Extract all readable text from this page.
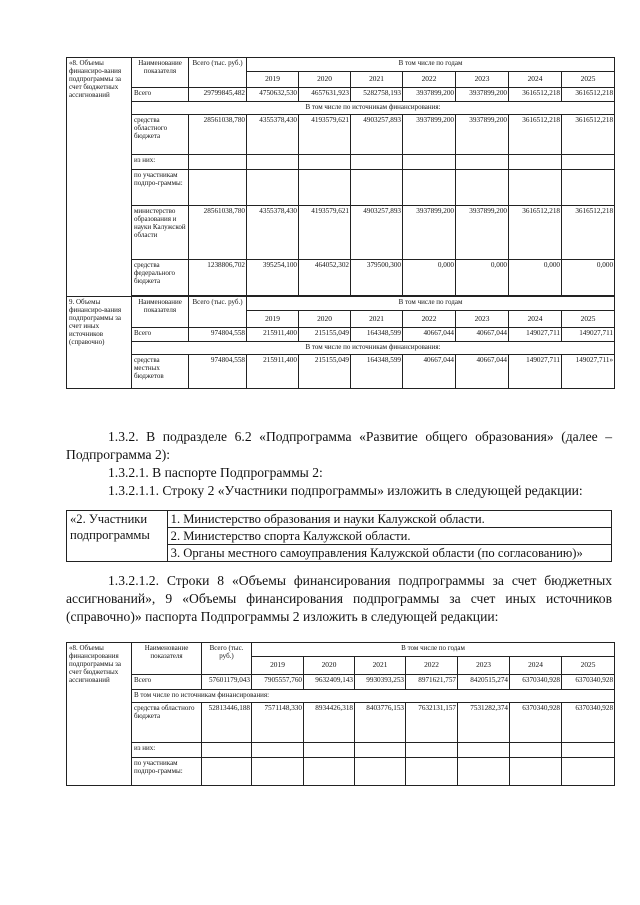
«8. Объемы финансиро-вания подпрограммы за счет бюджетных ассигнований	Наименование показателя	Всего (тыс. руб.)	В том числе по годам						
			2019	2020	2021	2022	2023	2024	2025
	Всего	29799845,482	4750632,530	4657631,923	5282758,193	3937899,200	3937899,200	3616512,218	3616512,218
	В том числе по источникам финансирования:								
	средства областного бюджета	28561038,780	4355378,430	4193579,621	4903257,893	3937899,200	3937899,200	3616512,218	3616512,218
	из них:								
	по участникам подпро-граммы:								
	министерство образования и науки Калужской области	28561038,780	4355378,430	4193579,621	4903257,893	3937899,200	3937899,200	3616512,218	3616512,218
	средства федерального бюджета	1238806,702	395254,100	464052,302	379500,300	0,000	0,000	0,000	0,000

9. Объемы финансиро-вания подпрограммы за счет иных источников (справочно)	Наименование показателя	Всего (тыс. руб.)	В том числе по годам						
			2019	2020	2021	2022	2023	2024	2025
	Всего	974804,558	215911,400	215155,049	164348,599	40667,044	40667,044	149027,711	149027,711
	В том числе по источникам финансирования:								
	средства местных бюджетов	974804,558	215911,400	215155,049	164348,599	40667,044	40667,044	149027,711	149027,711»
1.3.2. В подразделе 6.2 «Подпрограмма «Развитие общего образования» (далее – Подпрограмма 2):
1.3.2.1. В паспорте Подпрограммы 2:
1.3.2.1.1. Строку 2 «Участники подпрограммы» изложить в следующей редакции:
«2. Участники подпрограммы	
1. Министерство образования и науки Калужской области.
2. Министерство спорта Калужской области.
3. Органы местного самоуправления Калужской области (по согласованию)»
1.3.2.1.2. Строки 8 «Объемы финансирования подпрограммы за счет бюджетных ассигнований», 9 «Объемы финансирования подпрограммы за счет иных источников (справочно)» паспорта Подпрограммы 2 изложить в следующей редакции:
«8. Объемы финансирования подпрограммы за счет бюджетных ассигнований	Наименование показателя	Всего (тыс. руб.)	В том числе по годам						
			2019	2020	2021	2022	2023	2024	2025
	Всего	57601179,043	7905557,760	9632409,143	9930393,253	8971621,757	8420515,274	6370340,928	6370340,928
	В том числе по источникам финансирования:								
	средства областного бюджета	52813446,188	7571148,330	8934426,318	8403776,153	7632131,157	7531282,374	6370340,928	6370340,928
	из них:								
	по участникам подпро-граммы:								
